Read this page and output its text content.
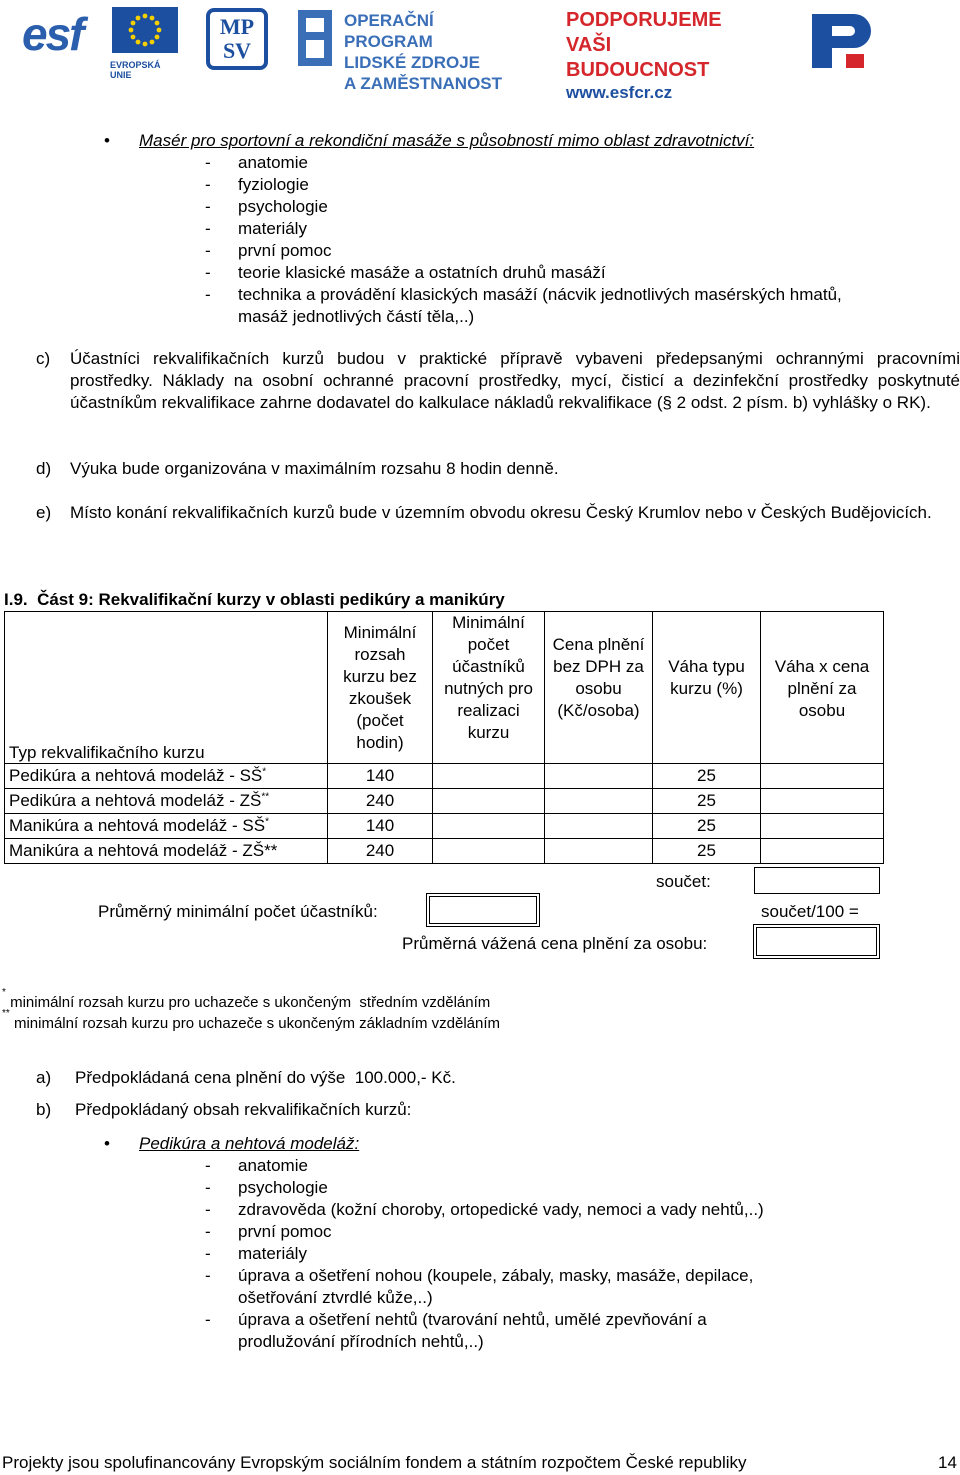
esf
EVROPSKÁ UNIE
MP SV
OPERAČNÍ PROGRAM
LIDSKÉ ZDROJE
A ZAMĚSTNANOST
PODPORUJEME
VAŠI BUDOUCNOST
www.esfcr.cz
• Masér pro sportovní a rekondiční masáže s působností mimo oblast zdravotnictví:
- anatomie
- fyziologie
- psychologie
- materiály
- první pomoc
- teorie klasické masáže a ostatních druhů masáží
- technika a provádění klasických masáží (nácvik jednotlivých masérských hmatů, masáž jednotlivých částí těla,..)
c) Účastníci rekvalifikačních kurzů budou v praktické přípravě vybaveni předepsanými ochrannými pracovními prostředky. Náklady na osobní ochranné pracovní prostředky, mycí, čisticí a dezinfekční prostředky poskytnuté účastníkům rekvalifikace zahrne dodavatel do kalkulace nákladů rekvalifikace (§ 2 odst. 2 písm. b) vyhlášky o RK).
d) Výuka bude organizována v maximálním rozsahu 8 hodin denně.
e) Místo konání rekvalifikačních kurzů bude v územním obvodu okresu Český Krumlov nebo v Českých Budějovicích.
I.9.  Část 9: Rekvalifikační kurzy v oblasti pedikúry a manikúry
Typ rekvalifikačního kurzu	Minimální rozsah kurzu bez zkoušek (počet hodin)	Minimální počet účastníků nutných pro realizaci kurzu	Cena plnění bez DPH za osobu (Kč/osoba)	Váha typu kurzu (%)	Váha x cena plnění za osobu
Pedikúra a nehtová modeláž - SŠ*	140			25	
Pedikúra a nehtová modeláž - ZŠ**	240			25	
Manikúra a nehtová modeláž - SŠ*	140			25	
Manikúra a nehtová modeláž - ZŠ**	240			25	
součet:
Průměrný minimální počet účastníků:	součet/100 =
Průměrná vážená cena plnění za osobu:
* minimální rozsah kurzu pro uchazeče s ukončeným  středním vzděláním
** minimální rozsah kurzu pro uchazeče s ukončeným základním vzděláním
a) Předpokládaná cena plnění do výše  100.000,- Kč.
b) Předpokládaný obsah rekvalifikačních kurzů:
• Pedikúra a nehtová modeláž:
- anatomie
- psychologie
- zdravověda (kožní choroby, ortopedické vady, nemoci a vady nehtů,..)
- první pomoc
- materiály
- úprava a ošetření nohou (koupele, zábaly, masky, masáže, depilace, ošetřování ztvrdlé kůže,..)
- úprava a ošetření nehtů (tvarování nehtů, umělé zpevňování a prodlužování přírodních nehtů,..)
Projekty jsou spolufinancovány Evropským sociálním fondem a státním rozpočtem České republiky	14
